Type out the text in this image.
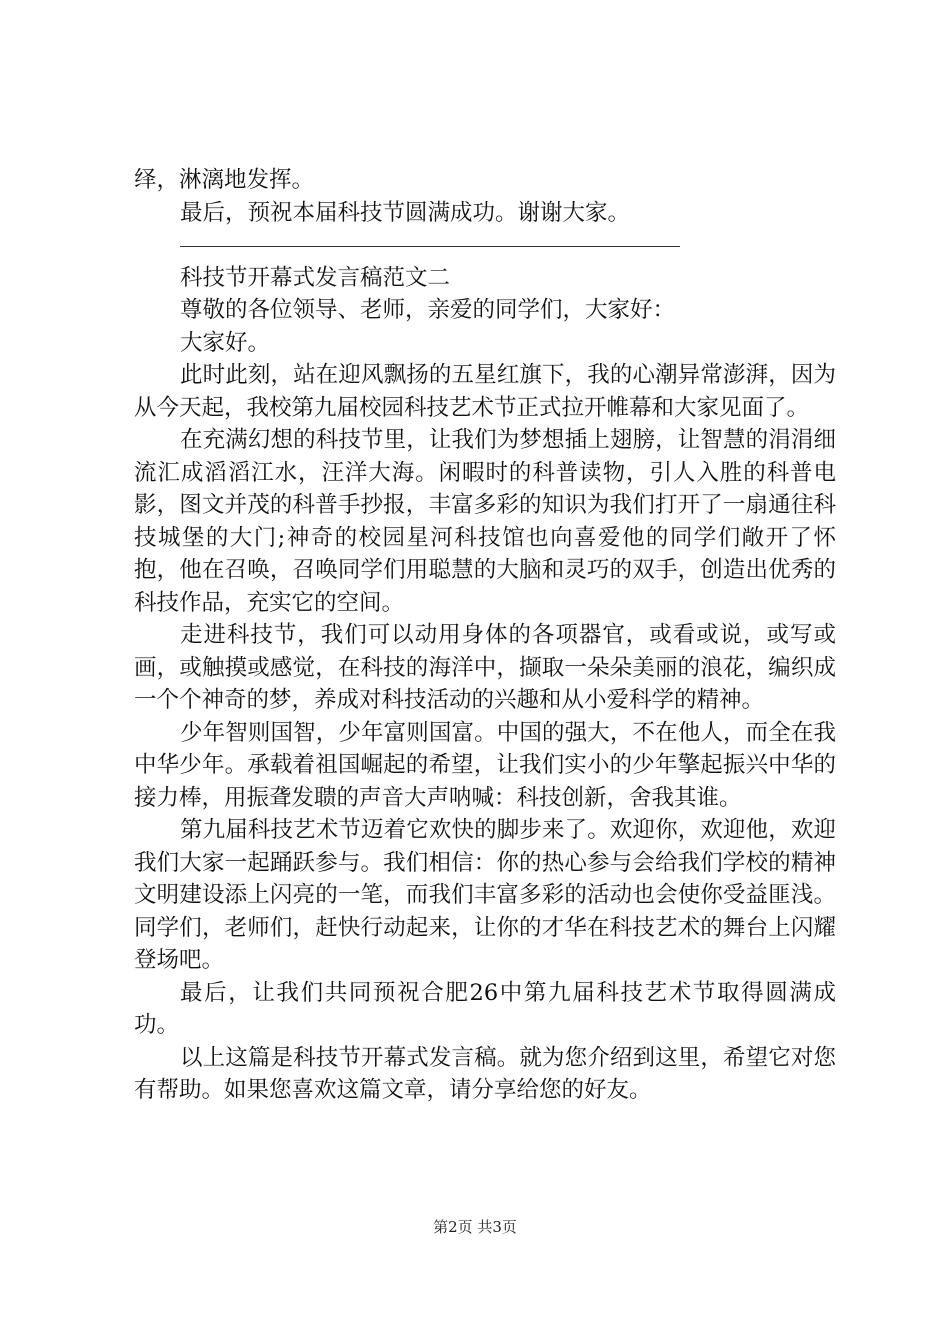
绎，淋漓地发挥。

最后，预祝本届科技节圆满成功。谢谢大家。

科技节开幕式发言稿范文二

尊敬的各位领导、老师，亲爱的同学们，大家好：

大家好。

此时此刻，站在迎风飘扬的五星红旗下，我的心潮异常澎湃，因为从今天起，我校第九届校园科技艺术节正式拉开帷幕和大家见面了。

在充满幻想的科技节里，让我们为梦想插上翅膀，让智慧的涓涓细流汇成滔滔江水，汪洋大海。闲暇时的科普读物，引人入胜的科普电影，图文并茂的科普手抄报，丰富多彩的知识为我们打开了一扇通往科技城堡的大门;神奇的校园星河科技馆也向喜爱他的同学们敞开了怀抱，他在召唤，召唤同学们用聪慧的大脑和灵巧的双手，创造出优秀的科技作品，充实它的空间。

走进科技节，我们可以动用身体的各项器官，或看或说，或写或画，或触摸或感觉，在科技的海洋中，撷取一朵朵美丽的浪花，编织成一个个神奇的梦，养成对科技活动的兴趣和从小爱科学的精神。

少年智则国智，少年富则国富。中国的强大，不在他人，而全在我中华少年。承载着祖国崛起的希望，让我们实小的少年擎起振兴中华的接力棒，用振聋发聩的声音大声呐喊：科技创新，舍我其谁。

第九届科技艺术节迈着它欢快的脚步来了。欢迎你，欢迎他，欢迎我们大家一起踊跃参与。我们相信：你的热心参与会给我们学校的精神文明建设添上闪亮的一笔，而我们丰富多彩的活动也会使你受益匪浅。同学们，老师们，赶快行动起来，让你的才华在科技艺术的舞台上闪耀登场吧。

最后，让我们共同预祝合肥26中第九届科技艺术节取得圆满成功。

以上这篇是科技节开幕式发言稿。就为您介绍到这里，希望它对您有帮助。如果您喜欢这篇文章，请分享给您的好友。

第2页 共3页
